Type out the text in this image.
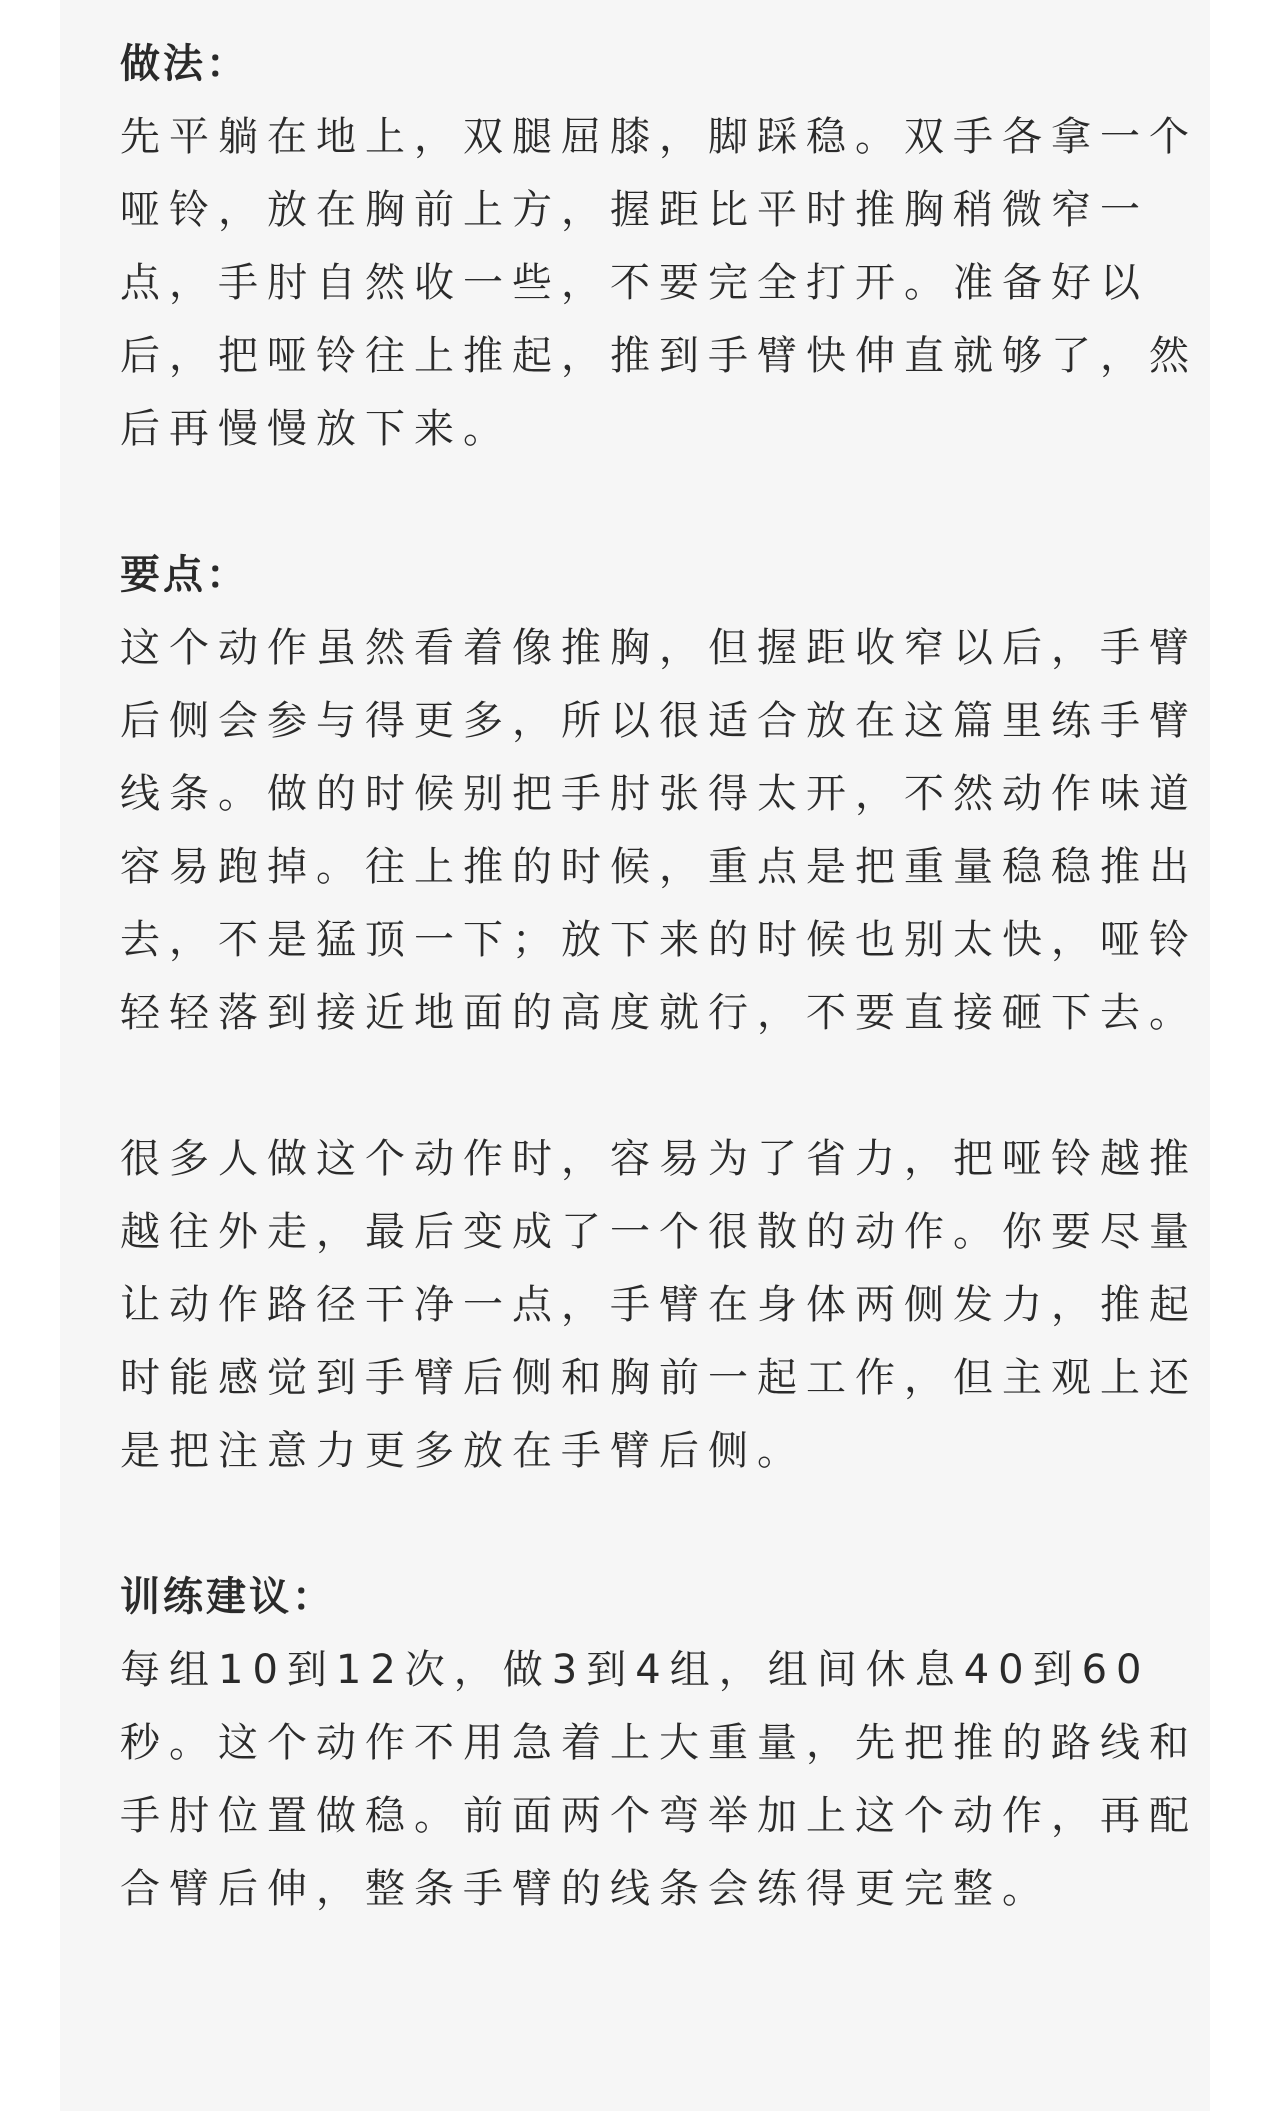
做法：

先平躺在地上，双腿屈膝，脚踩稳。双手各拿一个哑铃，放在胸前上方，握距比平时推胸稍微窄一点，手肘自然收一些，不要完全打开。准备好以后，把哑铃往上推起，推到手臂快伸直就够了，然后再慢慢放下来。

要点：

这个动作虽然看着像推胸，但握距收窄以后，手臂后侧会参与得更多，所以很适合放在这篇里练手臂线条。做的时候别把手肘张得太开，不然动作味道容易跑掉。往上推的时候，重点是把重量稳稳推出去，不是猛顶一下；放下来的时候也别太快，哑铃轻轻落到接近地面的高度就行，不要直接砸下去。

很多人做这个动作时，容易为了省力，把哑铃越推越往外走，最后变成了一个很散的动作。你要尽量让动作路径干净一点，手臂在身体两侧发力，推起时能感觉到手臂后侧和胸前一起工作，但主观上还是把注意力更多放在手臂后侧。

训练建议：

每组10到12次，做3到4组，组间休息40到60秒。这个动作不用急着上大重量，先把推的路线和手肘位置做稳。前面两个弯举加上这个动作，再配合臂后伸，整条手臂的线条会练得更完整。
